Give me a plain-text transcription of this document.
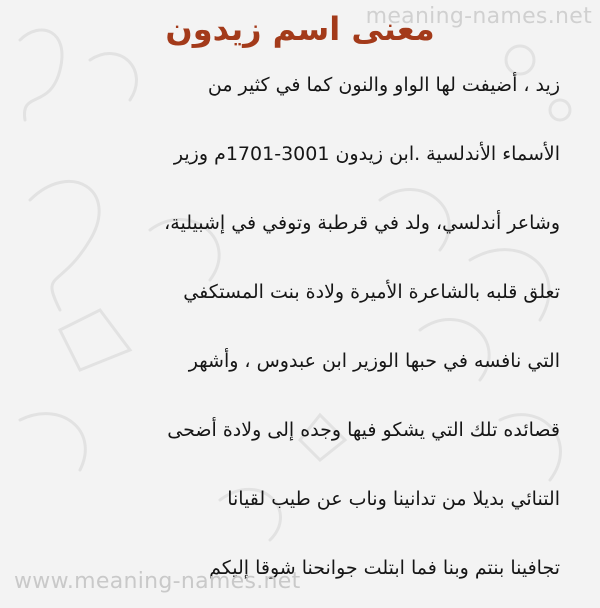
meaning-names.net
معنى اسم زيدون
زيد ، أضيفت لها الواو والنون كما في كثير من
الأسماء الأندلسية .ابن زيدون 3001-1701م وزير
وشاعر أندلسي، ولد في قرطبة وتوفي في إشبيلية،
تعلق قلبه بالشاعرة الأميرة ولادة بنت المستكفي
التي نافسه في حبها الوزير ابن عبدوس ، وأشهر
قصائده تلك التي يشكو فيها وجده إلى ولادة أضحى
التنائي بديلا من تدانينا وناب عن طيب لقيانا
تجافينا بنتم وبنا فما ابتلت جوانحنا شوقا إليكم
www.meaning-names.net
